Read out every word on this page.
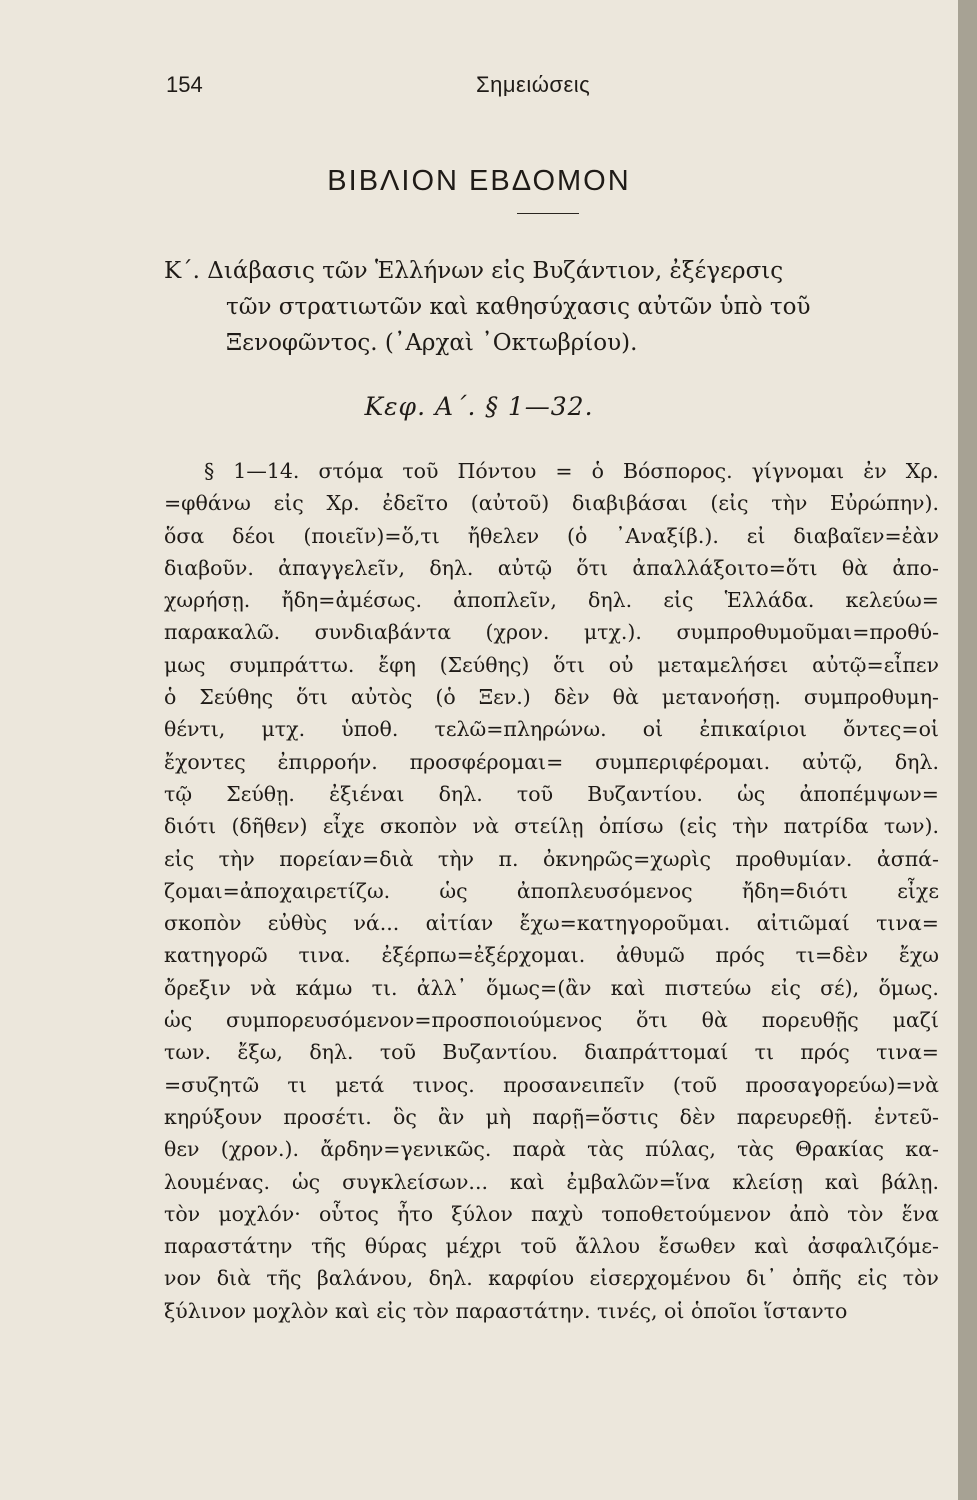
154	Σημειώσεις
ΒΙΒΛΙΟΝ ΕΒΔΟΜΟΝ
Κ΄. Διάβασις τῶν Ἑλλήνων εἰς Βυζάντιον, ἐξέγερσις
τῶν στρατιωτῶν καὶ καθησύχασις αὐτῶν ὑπὸ τοῦ
Ξενοφῶντος. (᾿Αρχαὶ ᾿Οκτωβρίου).
Κεφ. Α΄. § 1—32.
§ 1—14. στόμα τοῦ Πόντου = ὁ Βόσπορος. γίγνομαι ἐν Χρ.
=φθάνω εἰς Χρ. ἐδεῖτο (αὐτοῦ) διαβιβάσαι (εἰς τὴν Εὐρώπην).
ὅσα δέοι (ποιεῖν)=ὅ,τι ἤθελεν (ὁ ᾿Αναξίβ.). εἰ διαβαῖεν=ἐὰν
διαβοῦν. ἀπαγγελεῖν, δηλ. αὐτῷ ὅτι ἀπαλλάξοιτο=ὅτι θὰ ἀπο-
χωρήσῃ. ἤδη=ἀμέσως. ἀποπλεῖν, δηλ. εἰς Ἑλλάδα. κελεύω=
παρακαλῶ. συνδιαβάντα (χρον. μτχ.). συμπροθυμοῦμαι=προθύ-
μως συμπράττω. ἔφη (Σεύθης) ὅτι οὐ μεταμελήσει αὐτῷ=εἶπεν
ὁ Σεύθης ὅτι αὐτὸς (ὁ Ξεν.) δὲν θὰ μετανοήσῃ. συμπροθυμη-
θέντι, μτχ. ὑποθ. τελῶ=πληρώνω. οἱ ἐπικαίριοι ὄντες=οἱ
ἔχοντες ἐπιρροήν. προσφέρομαι= συμπεριφέρομαι. αὐτῷ, δηλ.
τῷ Σεύθῃ. ἐξιέναι δηλ. τοῦ Βυζαντίου. ὡς ἀποπέμψων=
διότι (δῆθεν) εἶχε σκοπὸν νὰ στείλῃ ὀπίσω (εἰς τὴν πατρίδα των).
εἰς τὴν πορείαν=διὰ τὴν π. ὀκνηρῶς=χωρὶς προθυμίαν. ἀσπά-
ζομαι=ἀποχαιρετίζω. ὡς ἀποπλευσόμενος ἤδη=διότι εἶχε
σκοπὸν εὐθὺς νά... αἰτίαν ἔχω=κατηγοροῦμαι. αἰτιῶμαί τινα=
κατηγορῶ τινα. ἐξέρπω=ἐξέρχομαι. ἀθυμῶ πρός τι=δὲν ἔχω
ὄρεξιν νὰ κάμω τι. ἀλλ᾿ ὅμως=(ἂν καὶ πιστεύω εἰς σέ), ὅμως.
ὡς συμπορευσόμενον=προσποιούμενος ὅτι θὰ πορευθῇς μαζί
των. ἔξω, δηλ. τοῦ Βυζαντίου. διαπράττομαί τι πρός τινα=
=συζητῶ τι μετά τινος. προσανειπεῖν (τοῦ προσαγορεύω)=νὰ
κηρύξουν προσέτι. ὃς ἂν μὴ παρῇ=ὅστις δὲν παρευρεθῇ. ἐντεῦ-
θεν (χρον.). ἄρδην=γενικῶς. παρὰ τὰς πύλας, τὰς Θρακίας κα-
λουμένας. ὡς συγκλείσων... καὶ ἐμβαλῶν=ἵνα κλείσῃ καὶ βάλῃ.
τὸν μοχλόν· οὗτος ἦτο ξύλον παχὺ τοποθετούμενον ἀπὸ τὸν ἕνα
παραστάτην τῆς θύρας μέχρι τοῦ ἄλλου ἔσωθεν καὶ ἀσφαλιζόμε-
νον διὰ τῆς βαλάνου, δηλ. καρφίου εἰσερχομένου δι᾿ ὀπῆς εἰς τὸν
ξύλινον μοχλὸν καὶ εἰς τὸν παραστάτην. τινές, οἱ ὁποῖοι ἵσταντο
